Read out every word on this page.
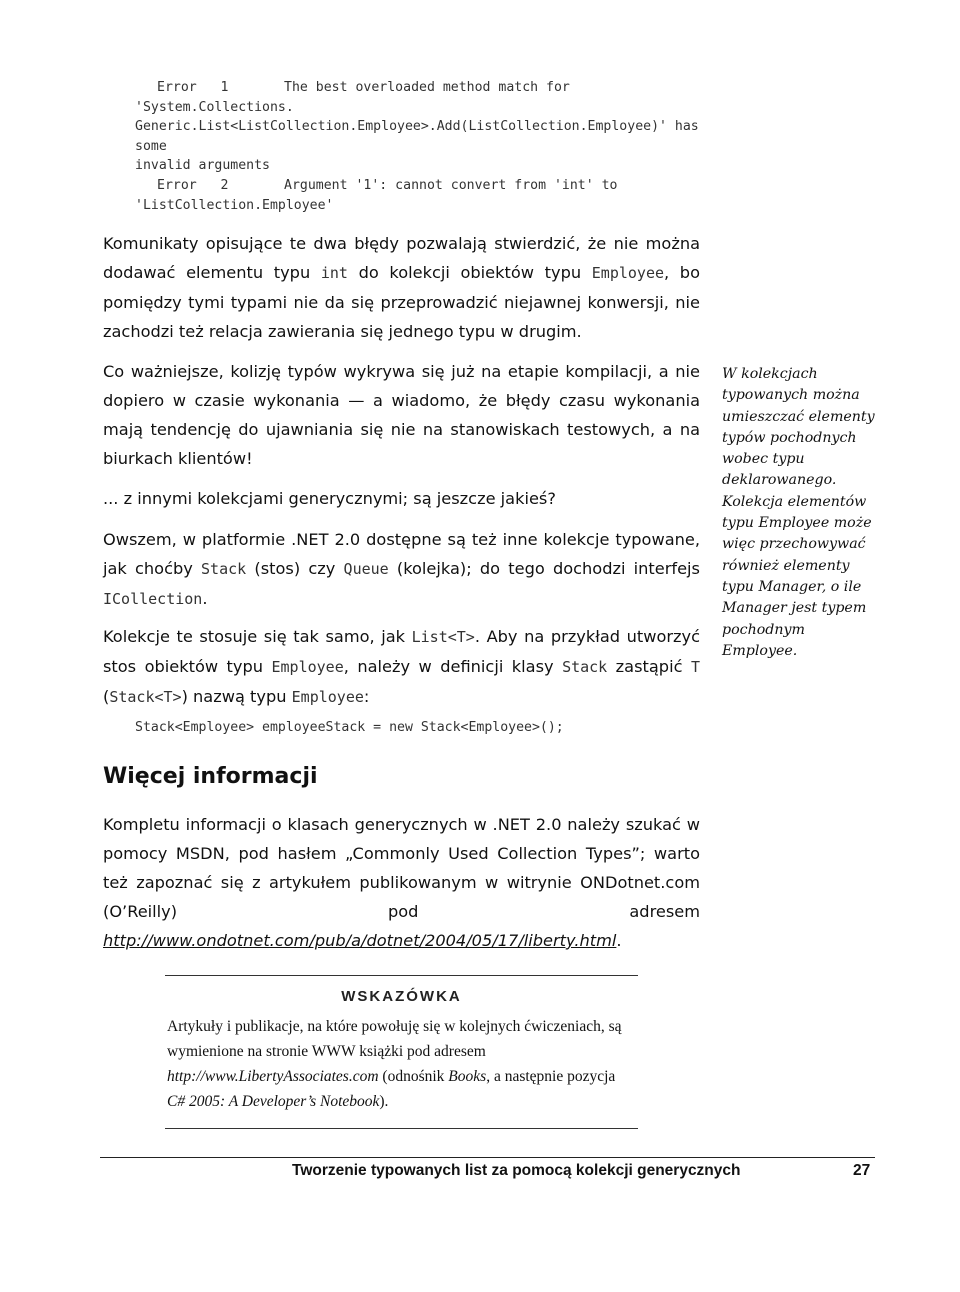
Error   1       The best overloaded method match for
'System.Collections.
Generic.List<ListCollection.Employee>.Add(ListCollection.Employee)' has
some
invalid arguments
Error   2       Argument '1': cannot convert from 'int' to
'ListCollection.Employee'

Komunikaty opisujące te dwa błędy pozwalają stwierdzić, że nie można dodawać elementu typu int do kolekcji obiektów typu Employee, bo pomiędzy tymi typami nie da się przeprowadzić niejawnej konwersji, nie zachodzi też relacja zawierania się jednego typu w drugim.

Co ważniejsze, kolizję typów wykrywa się już na etapie kompilacji, a nie dopiero w czasie wykonania — a wiadomo, że błędy czasu wykonania mają tendencję do ujawniania się nie na stanowiskach testowych, a na biurkach klientów!

... z innymi kolekcjami generycznymi; są jeszcze jakieś?

Owszem, w platformie .NET 2.0 dostępne są też inne kolekcje typowane, jak choćby Stack (stos) czy Queue (kolejka); do tego dochodzi interfejs ICollection.

Kolekcje te stosuje się tak samo, jak List<T>. Aby na przykład utworzyć stos obiektów typu Employee, należy w definicji klasy Stack zastąpić T (Stack<T>) nazwą typu Employee:

Stack<Employee> employeeStack = new Stack<Employee>();
Więcej informacji

Kompletu informacji o klasach generycznych w .NET 2.0 należy szukać w pomocy MSDN, pod hasłem „Commonly Used Collection Types”; warto też zapoznać się z artykułem publikowanym w witrynie ONDotnet.com (O’Reilly) pod adresem http://www.ondotnet.com/pub/a/dotnet/2004/05/17/liberty.html.

W kolekcjach typowanych można umieszczać elementy typów pochodnych wobec typu deklarowanego. Kolekcja elementów typu Employee może więc przechowywać również elementy typu Manager, o ile Manager jest typem pochodnym Employee.
WSKAZÓWKA

Artykuły i publikacje, na które powołuję się w kolejnych ćwiczeniach, są wymienione na stronie WWW książki pod adresem http://www.LibertyAssociates.com (odnośnik Books, a następnie pozycja C# 2005: A Developer’s Notebook).

Tworzenie typowanych list za pomocą kolekcji generycznych	27
